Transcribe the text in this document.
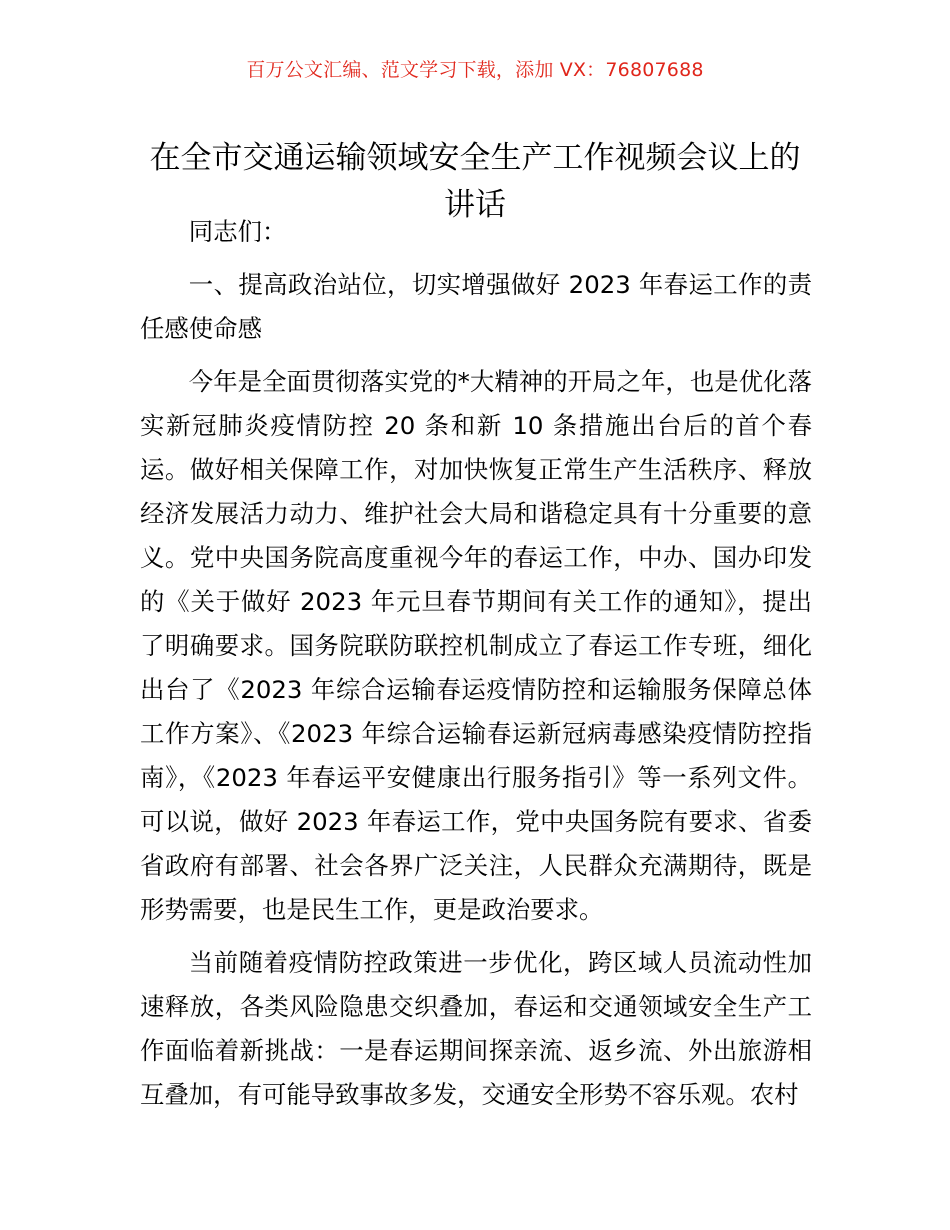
百万公文汇编、范文学习下载，添加 VX：76807688
在全市交通运输领域安全生产工作视频会议上的讲话

同志们：

一、提高政治站位，切实增强做好 2023 年春运工作的责任感使命感

今年是全面贯彻落实党的*大精神的开局之年，也是优化落实新冠肺炎疫情防控 20 条和新 10 条措施出台后的首个春运。做好相关保障工作，对加快恢复正常生产生活秩序、释放经济发展活力动力、维护社会大局和谐稳定具有十分重要的意义。党中央国务院高度重视今年的春运工作，中办、国办印发的《关于做好 2023 年元旦春节期间有关工作的通知》，提出了明确要求。国务院联防联控机制成立了春运工作专班，细化出台了《2023 年综合运输春运疫情防控和运输服务保障总体工作方案》、《2023 年综合运输春运新冠病毒感染疫情防控指南》，《2023 年春运平安健康出行服务指引》等一系列文件。可以说，做好 2023 年春运工作，党中央国务院有要求、省委省政府有部署、社会各界广泛关注，人民群众充满期待，既是形势需要，也是民生工作，更是政治要求。

当前随着疫情防控政策进一步优化，跨区域人员流动性加速释放，各类风险隐患交织叠加，春运和交通领域安全生产工作面临着新挑战：一是春运期间探亲流、返乡流、外出旅游相互叠加，有可能导致事故多发，交通安全形势不容乐观。农村
